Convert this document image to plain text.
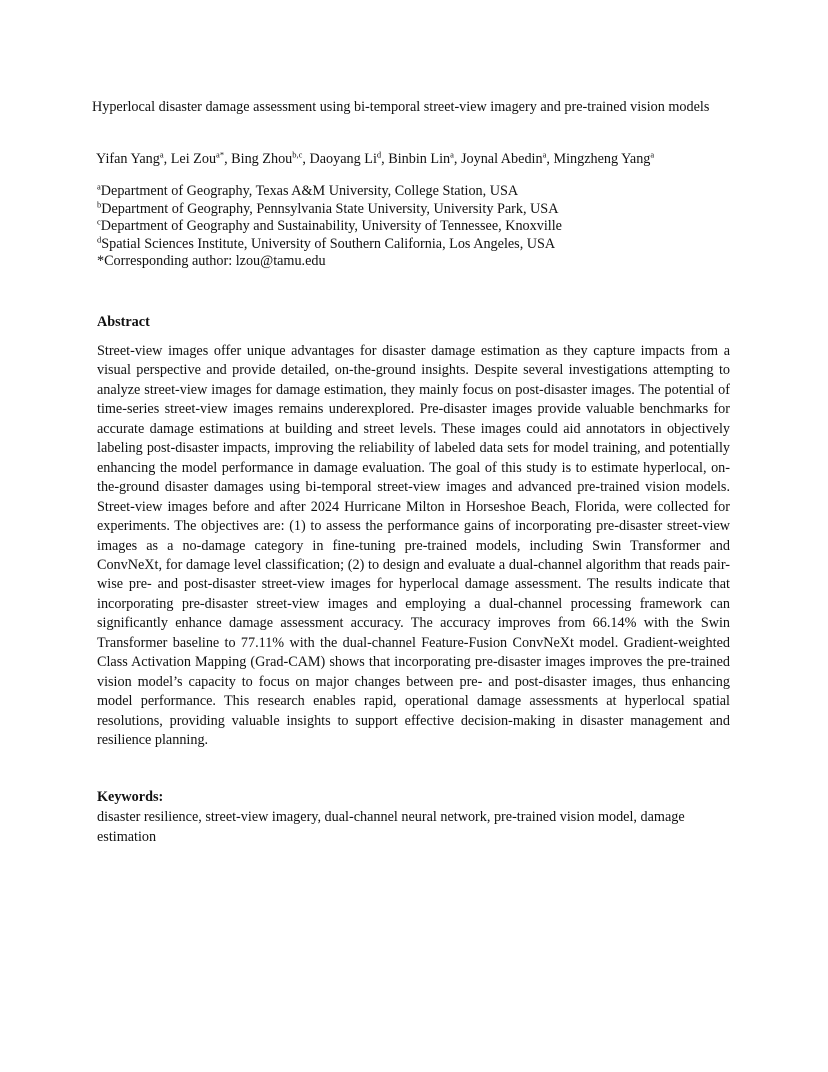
Hyperlocal disaster damage assessment using bi-temporal street-view imagery and pre-trained vision models
Yifan Yang$^a$, Lei Zou$^{a*}$, Bing Zhou$^{b,c}$, Daoyang Li$^d$, Binbin Lin$^a$, Joynal Abedin$^a$, Mingzheng Yang$^a$
$^a$Department of Geography, Texas A&M University, College Station, USA
$^b$Department of Geography, Pennsylvania State University, University Park, USA
$^c$Department of Geography and Sustainability, University of Tennessee, Knoxville
$^d$Spatial Sciences Institute, University of Southern California, Los Angeles, USA
*Corresponding author: lzou@tamu.edu
Abstract
Street-view images offer unique advantages for disaster damage estimation as they capture impacts from a visual perspective and provide detailed, on-the-ground insights. Despite several investigations attempting to analyze street-view images for damage estimation, they mainly focus on post-disaster images. The potential of time-series street-view images remains underexplored. Pre-disaster images provide valuable benchmarks for accurate damage estimations at building and street levels. These images could aid annotators in objectively labeling post-disaster impacts, improving the reliability of labeled data sets for model training, and potentially enhancing the model performance in damage evaluation. The goal of this study is to estimate hyperlocal, on-the-ground disaster damages using bi-temporal street-view images and advanced pre-trained vision models. Street-view images before and after 2024 Hurricane Milton in Horseshoe Beach, Florida, were collected for experiments. The objectives are: (1) to assess the performance gains of incorporating pre-disaster street-view images as a no-damage category in fine-tuning pre-trained models, including Swin Transformer and ConvNeXt, for damage level classification; (2) to design and evaluate a dual-channel algorithm that reads pair-wise pre- and post-disaster street-view images for hyperlocal damage assessment. The results indicate that incorporating pre-disaster street-view images and employing a dual-channel processing framework can significantly enhance damage assessment accuracy. The accuracy improves from 66.14% with the Swin Transformer baseline to 77.11% with the dual-channel Feature-Fusion ConvNeXt model. Gradient-weighted Class Activation Mapping (Grad-CAM) shows that incorporating pre-disaster images improves the pre-trained vision model’s capacity to focus on major changes between pre- and post-disaster images, thus enhancing model performance. This research enables rapid, operational damage assessments at hyperlocal spatial resolutions, providing valuable insights to support effective decision-making in disaster management and resilience planning.
Keywords:
disaster resilience, street-view imagery, dual-channel neural network, pre-trained vision model, damage estimation
